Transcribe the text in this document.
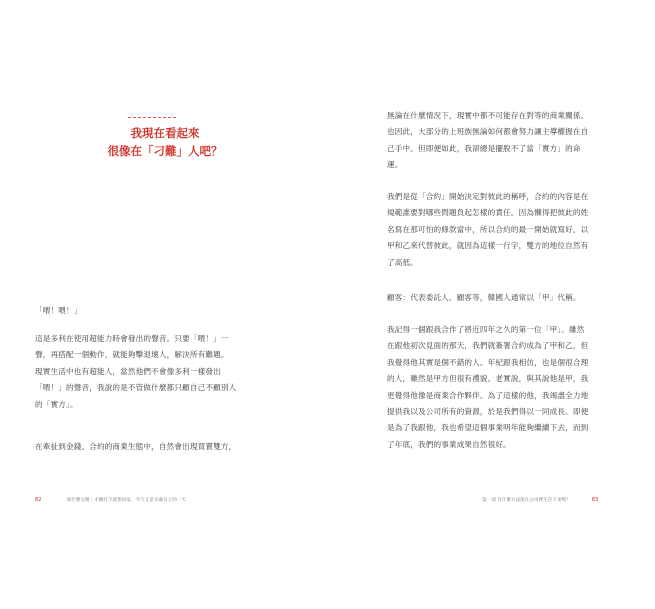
我現在看起來
很像在「刁難」人吧？
「喂！喂！」
這是多利在使用超能力時會發出的聲音。只要「喂！」一
聲，再搭配一個動作，就能夠擊退壞人，解決所有難題。
現實生活中也有超能人，當然他們不會像多利一樣發出
「喂！」的聲音，我說的是不管做什麼都只顧自己不顧別人
的「實方」。
在牽扯到金錢、合約的商業生態中，自然會出現買賣雙方，
82	那什麼女婿｜才剛打卡就想回家，今天又是未滿日子的一天
無論在什麼情況下，現實中都不可能存在對等的商業關係。
也因此，大部分的上班族無論如何都會努力讓主導權握在自
己手中。但即便如此，我卻總是擺脫不了當「實方」的命
運。
我們是從「合約」開始決定對彼此的稱呼，合約的內容是在
規範誰要對哪些問題負起怎樣的責任。因為懶得把彼此的姓
名寫在那可怕的條款當中，所以合約的最一開始就寫好，以
甲和乙來代替彼此，就因為這樣一行字，雙方的地位自然有
了高低。
顧客：代表委託人、顧客等，韓國人通常以「甲」代稱。
我記得一個跟我合作了將近四年之久的第一位「甲」。雖然
在跟他初次見面的那天，我們就簽署合約成為了甲和乙，但
我覺得他其實是個不錯的人。年紀跟我相仿，也是個很合理
的人，雖然是甲方但很有禮貌。老實說，與其說他是甲，我
更覺得他像是商業合作夥伴。為了這樣的他，我竭盡全力地
提供我以及公司所有的資源，於是我們得以一同成長。即便
是為了我跟他，我也希望這個事業明年能夠繼續下去，而到
了年底，我們的事業成果自然很好。
第一部 有什麼方法能在公司裡生存下來嗎？	83
